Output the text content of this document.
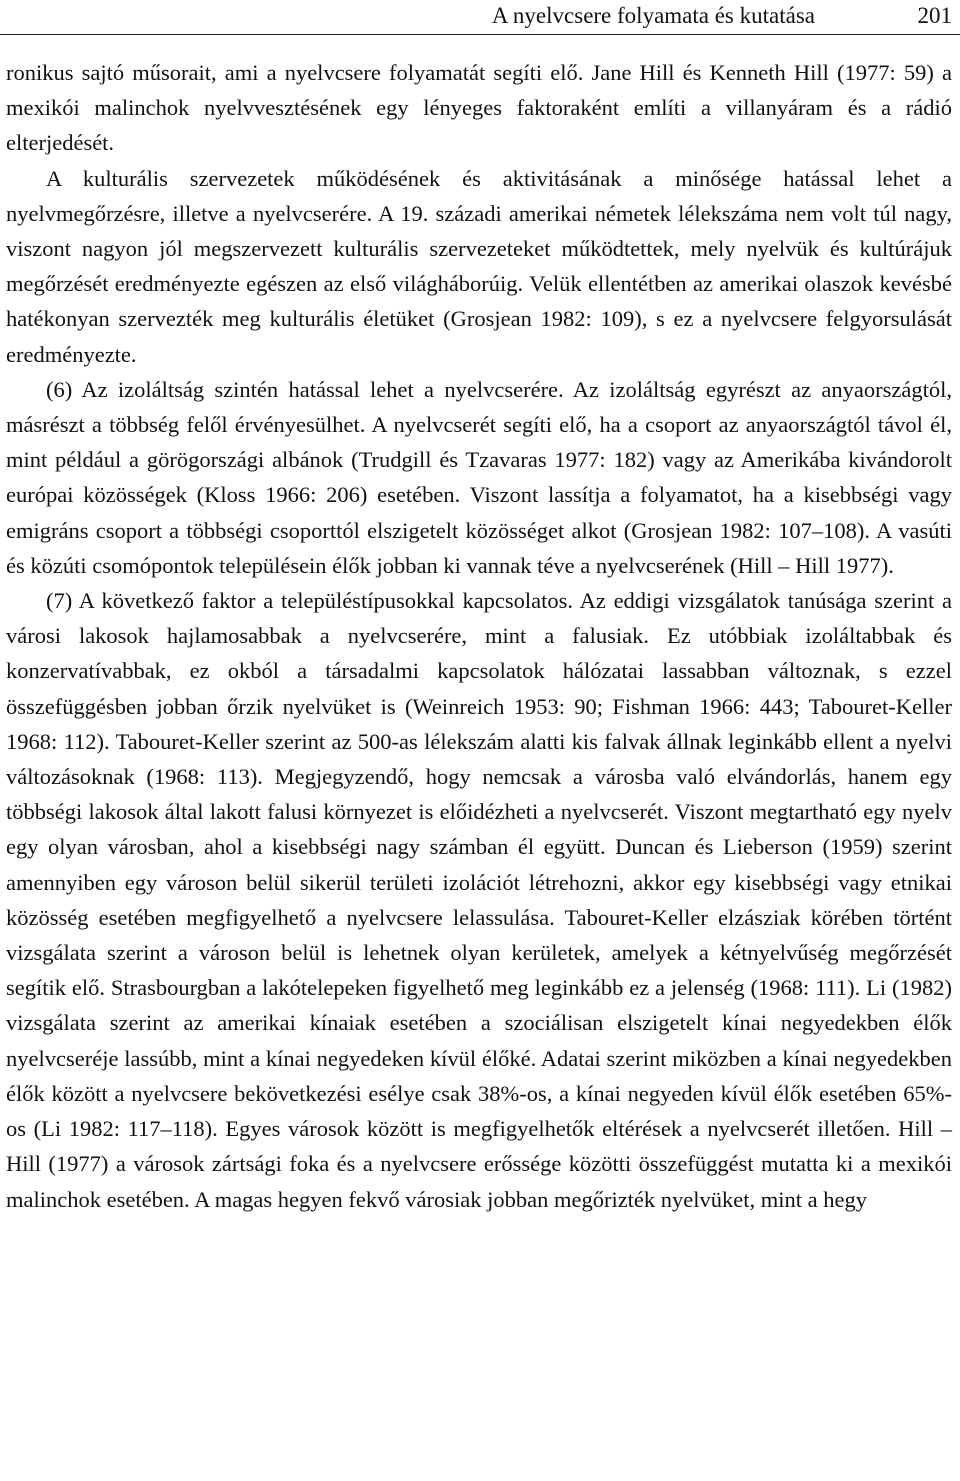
A nyelvcsere folyamata és kutatása	201

ronikus sajtó műsorait, ami a nyelvcsere folyamatát segíti elő. Jane Hill és Kenneth Hill (1977: 59) a mexikói malinchok nyelvvesztésének egy lényeges faktoraként említi a villanyáram és a rádió elterjedését.

A kulturális szervezetek működésének és aktivitásának a minősége hatással lehet a nyelvmegőrzésre, illetve a nyelvcserére. A 19. századi amerikai németek lélekszáma nem volt túl nagy, viszont nagyon jól megszervezett kulturális szervezeteket működtettek, mely nyelvük és kultúrájuk megőrzését eredményezte egészen az első világháborúig. Velük ellentétben az amerikai olaszok kevésbé hatékonyan szervezték meg kulturális életüket (Grosjean 1982: 109), s ez a nyelvcsere felgyorsulását eredményezte.

(6) Az izoláltság szintén hatással lehet a nyelvcserére. Az izoláltság egyrészt az anyaországtól, másrészt a többség felől érvényesülhet. A nyelvcserét segíti elő, ha a csoport az anyaországtól távol él, mint például a görögországi albánok (Trudgill és Tzavaras 1977: 182) vagy az Amerikába kivándorolt európai közösségek (Kloss 1966: 206) esetében. Viszont lassítja a folyamatot, ha a kisebbségi vagy emigráns csoport a többségi csoporttól elszigetelt közösséget alkot (Grosjean 1982: 107–108). A vasúti és közúti csomópontok településein élők jobban ki vannak téve a nyelvcserének (Hill – Hill 1977).

(7) A következő faktor a településtípusokkal kapcsolatos. Az eddigi vizsgálatok tanúsága szerint a városi lakosok hajlamosabbak a nyelvcserére, mint a falusiak. Ez utóbbiak izoláltabbak és konzervatívabbak, ez okból a társadalmi kapcsolatok hálózatai lassabban változnak, s ezzel összefüggésben jobban őrzik nyelvüket is (Weinreich 1953: 90; Fishman 1966: 443; Tabouret-Keller 1968: 112). Tabouret-Keller szerint az 500-as lélekszám alatti kis falvak állnak leginkább ellent a nyelvi változásoknak (1968: 113). Megjegyzendő, hogy nemcsak a városba való elvándorlás, hanem egy többségi lakosok által lakott falusi környezet is előidézheti a nyelvcserét. Viszont megtartható egy nyelv egy olyan városban, ahol a kisebbségi nagy számban él együtt. Duncan és Lieberson (1959) szerint amennyiben egy városon belül sikerül területi izolációt létrehozni, akkor egy kisebbségi vagy etnikai közösség esetében megfigyelhető a nyelvcsere lelassulása. Tabouret-Keller elzásziak körében történt vizsgálata szerint a városon belül is lehetnek olyan kerületek, amelyek a kétnyelvűség megőrzését segítik elő. Strasbourgban a lakótelepeken figyelhető meg leginkább ez a jelenség (1968: 111). Li (1982) vizsgálata szerint az amerikai kínaiak esetében a szociálisan elszigetelt kínai negyedekben élők nyelvcseréje lassúbb, mint a kínai negyedeken kívül élőké. Adatai szerint miközben a kínai negyedekben élők között a nyelvcsere bekövetkezési esélye csak 38%-os, a kínai negyeden kívül élők esetében 65%-os (Li 1982: 117–118). Egyes városok között is megfigyelhetők eltérések a nyelvcserét illetően. Hill – Hill (1977) a városok zártsági foka és a nyelvcsere erőssége közötti összefüggést mutatta ki a mexikói malinchok esetében. A magas hegyen fekvő városiak jobban megőrizték nyelvüket, mint a hegy
